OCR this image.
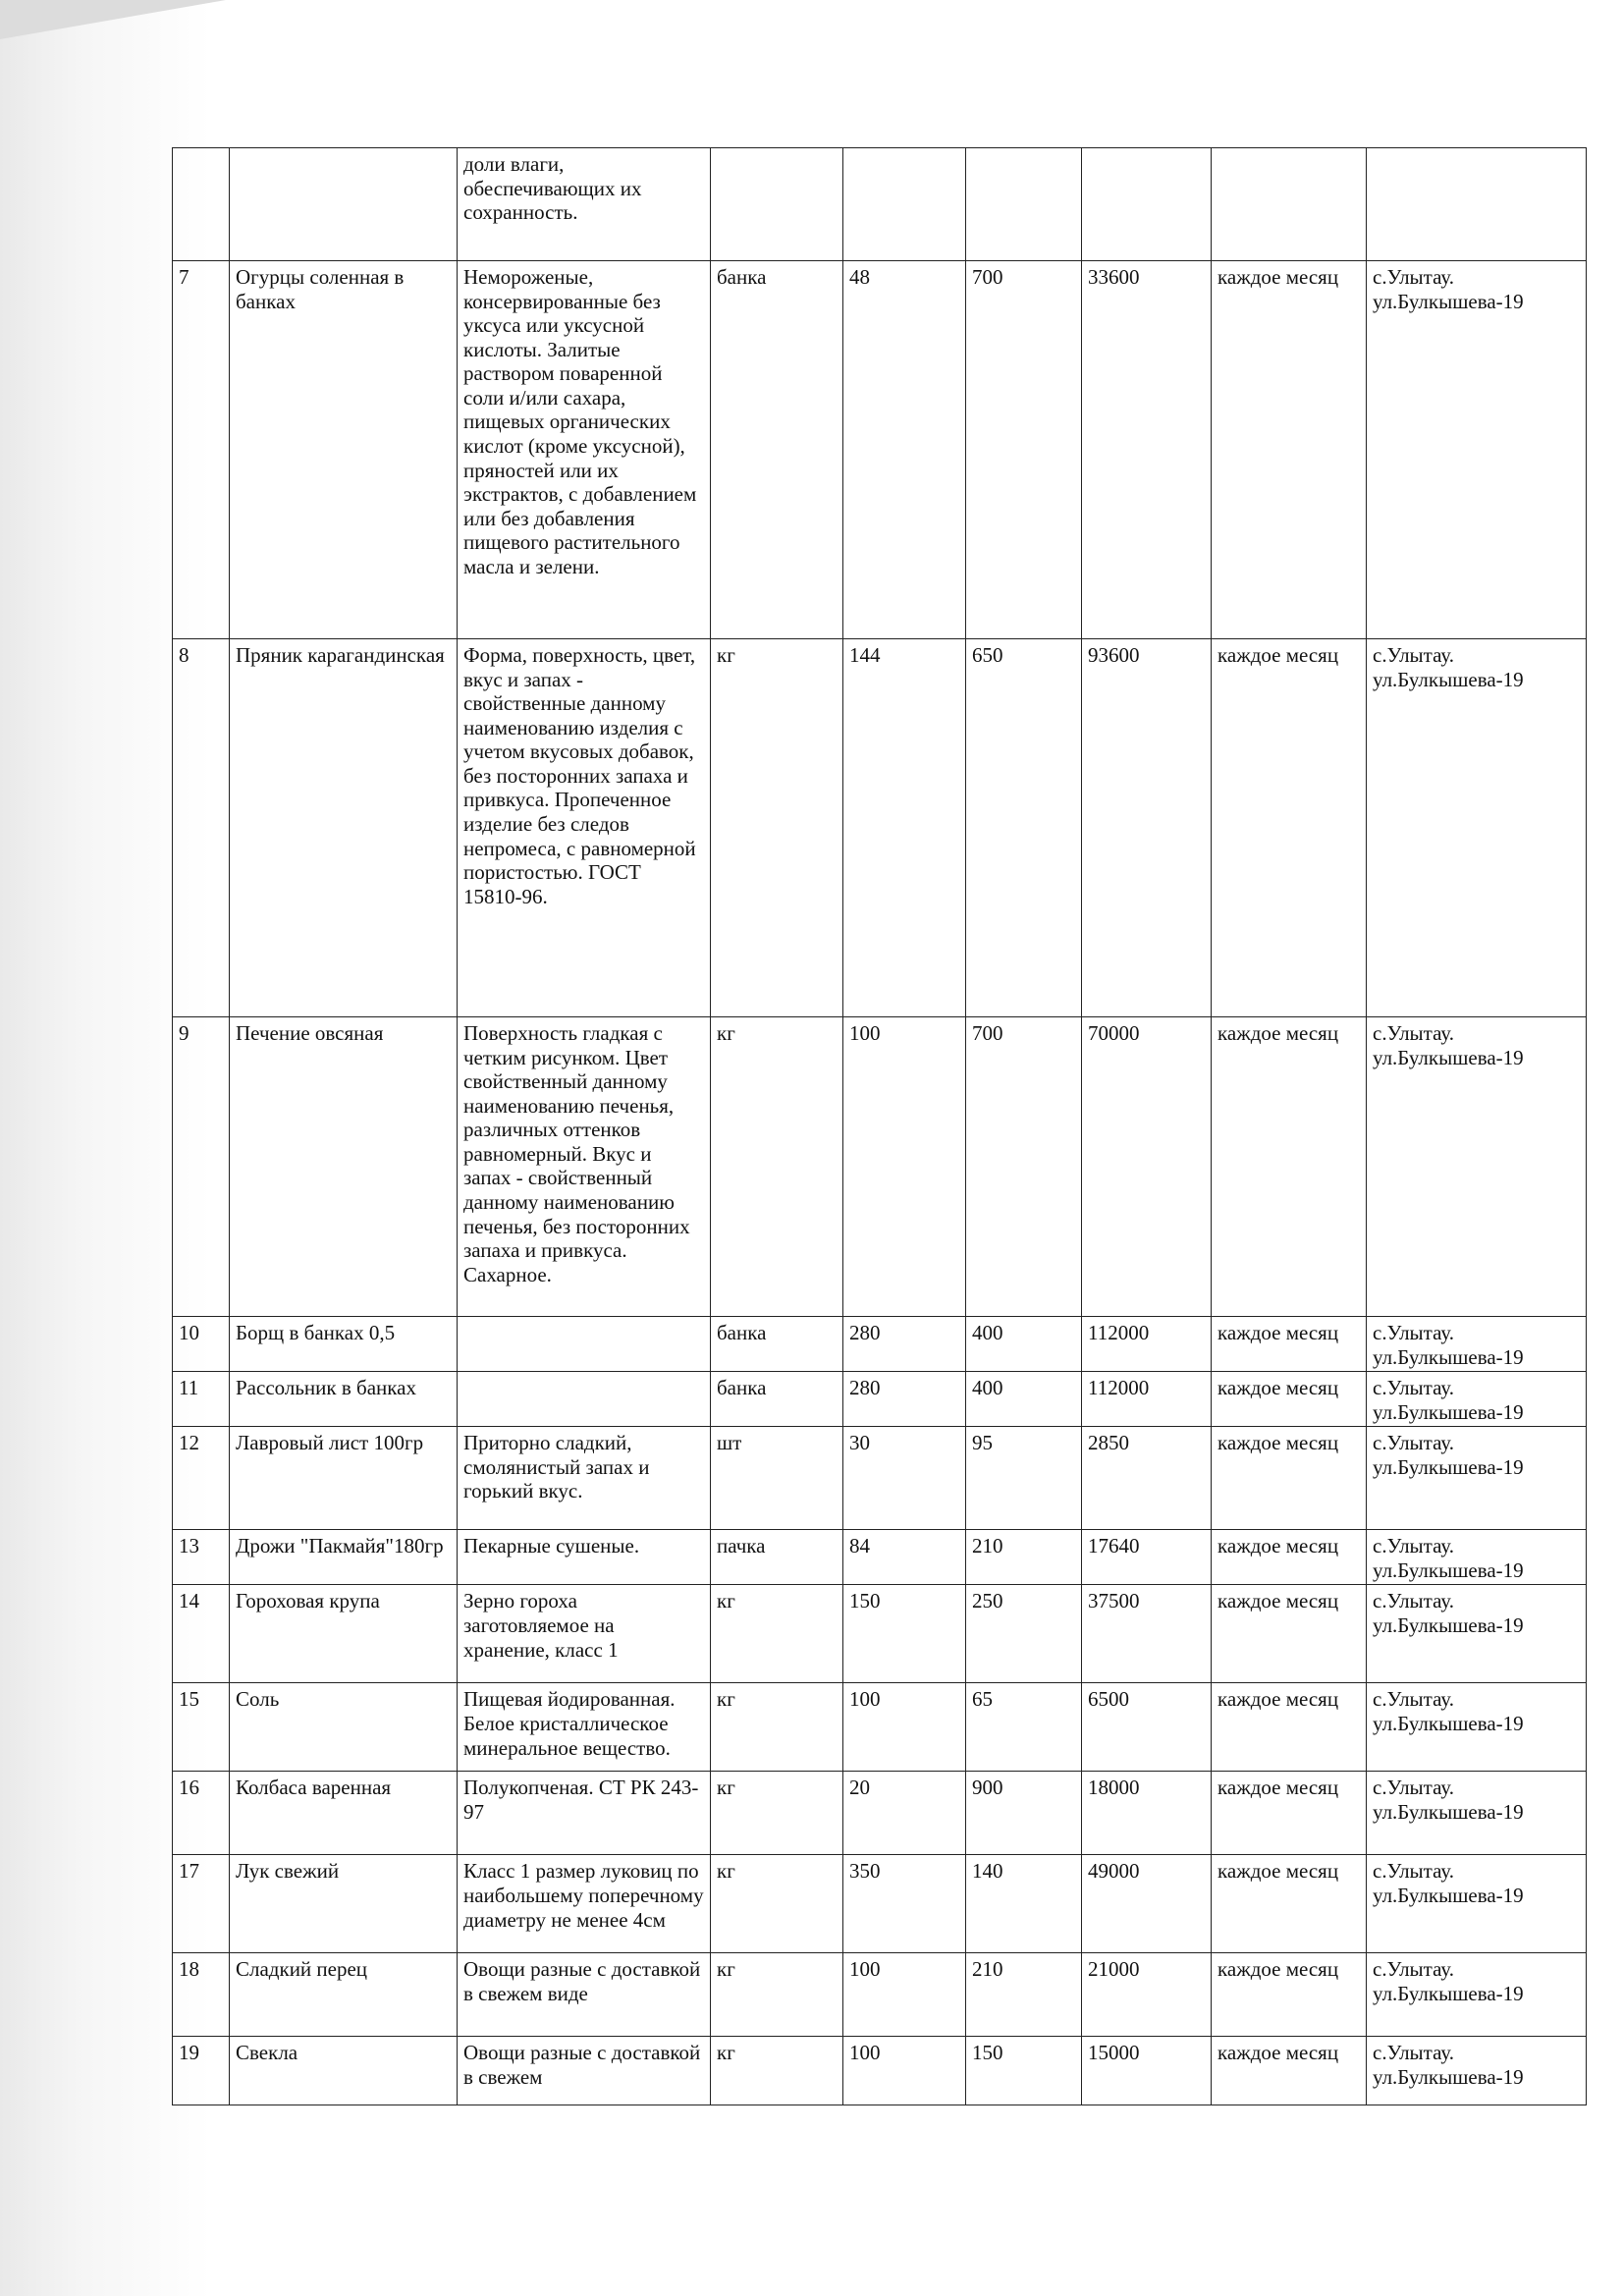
		доли влаги, обеспечивающих их сохранность.						
7	Огурцы соленная в банках	Немороженые, консервированные без уксуса или уксусной кислоты. Залитые раствором поваренной соли и/или сахара, пищевых органических кислот (кроме уксусной), пряностей или их экстрактов, с добавлением или без добавления пищевого растительного масла и зелени.	банка	48	700	33600	каждое месяц	с.Улытау. ул.Булкышева-19
8	Пряник карагандинская	Форма, поверхность, цвет, вкус и запах - свойственные данному наименованию изделия с учетом вкусовых добавок, без посторонних запаха и привкуса. Пропеченное изделие без следов непромеса, с равномерной пористостью. ГОСТ 15810-96.	кг	144	650	93600	каждое месяц	с.Улытау. ул.Булкышева-19
9	Печение овсяная	Поверхность гладкая с четким рисунком. Цвет свойственный данному наименованию печенья, различных оттенков равномерный. Вкус и запах - свойственный данному наименованию печенья, без посторонних запаха и привкуса. Сахарное.	кг	100	700	70000	каждое месяц	с.Улытау. ул.Булкышева-19
10	Борщ в банках 0,5		банка	280	400	112000	каждое месяц	с.Улытау. ул.Булкышева-19
11	Рассольник в банках		банка	280	400	112000	каждое месяц	с.Улытау. ул.Булкышева-19
12	Лавровый лист 100гр	Приторно сладкий, смолянистый запах и горький вкус.	шт	30	95	2850	каждое месяц	с.Улытау. ул.Булкышева-19
13	Дрожи "Пакмайя"180гр	Пекарные сушеные.	пачка	84	210	17640	каждое месяц	с.Улытау. ул.Булкышева-19
14	Гороховая крупа	Зерно гороха заготовляемое на хранение, класс 1	кг	150	250	37500	каждое месяц	с.Улытау. ул.Булкышева-19
15	Соль	Пищевая йодированная. Белое кристаллическое минеральное вещество.	кг	100	65	6500	каждое месяц	с.Улытау. ул.Булкышева-19
16	Колбаса варенная	Полукопченая. СТ РК 243-97	кг	20	900	18000	каждое месяц	с.Улытау. ул.Булкышева-19
17	Лук свежий	Класс 1 размер луковиц по наибольшему поперечному диаметру не менее 4см	кг	350	140	49000	каждое месяц	с.Улытау. ул.Булкышева-19
18	Сладкий перец	Овощи разные с доставкой в свежем виде	кг	100	210	21000	каждое месяц	с.Улытау. ул.Булкышева-19
19	Свекла	Овощи разные с доставкой в свежем	кг	100	150	15000	каждое месяц	с.Улытау. ул.Булкышева-19
